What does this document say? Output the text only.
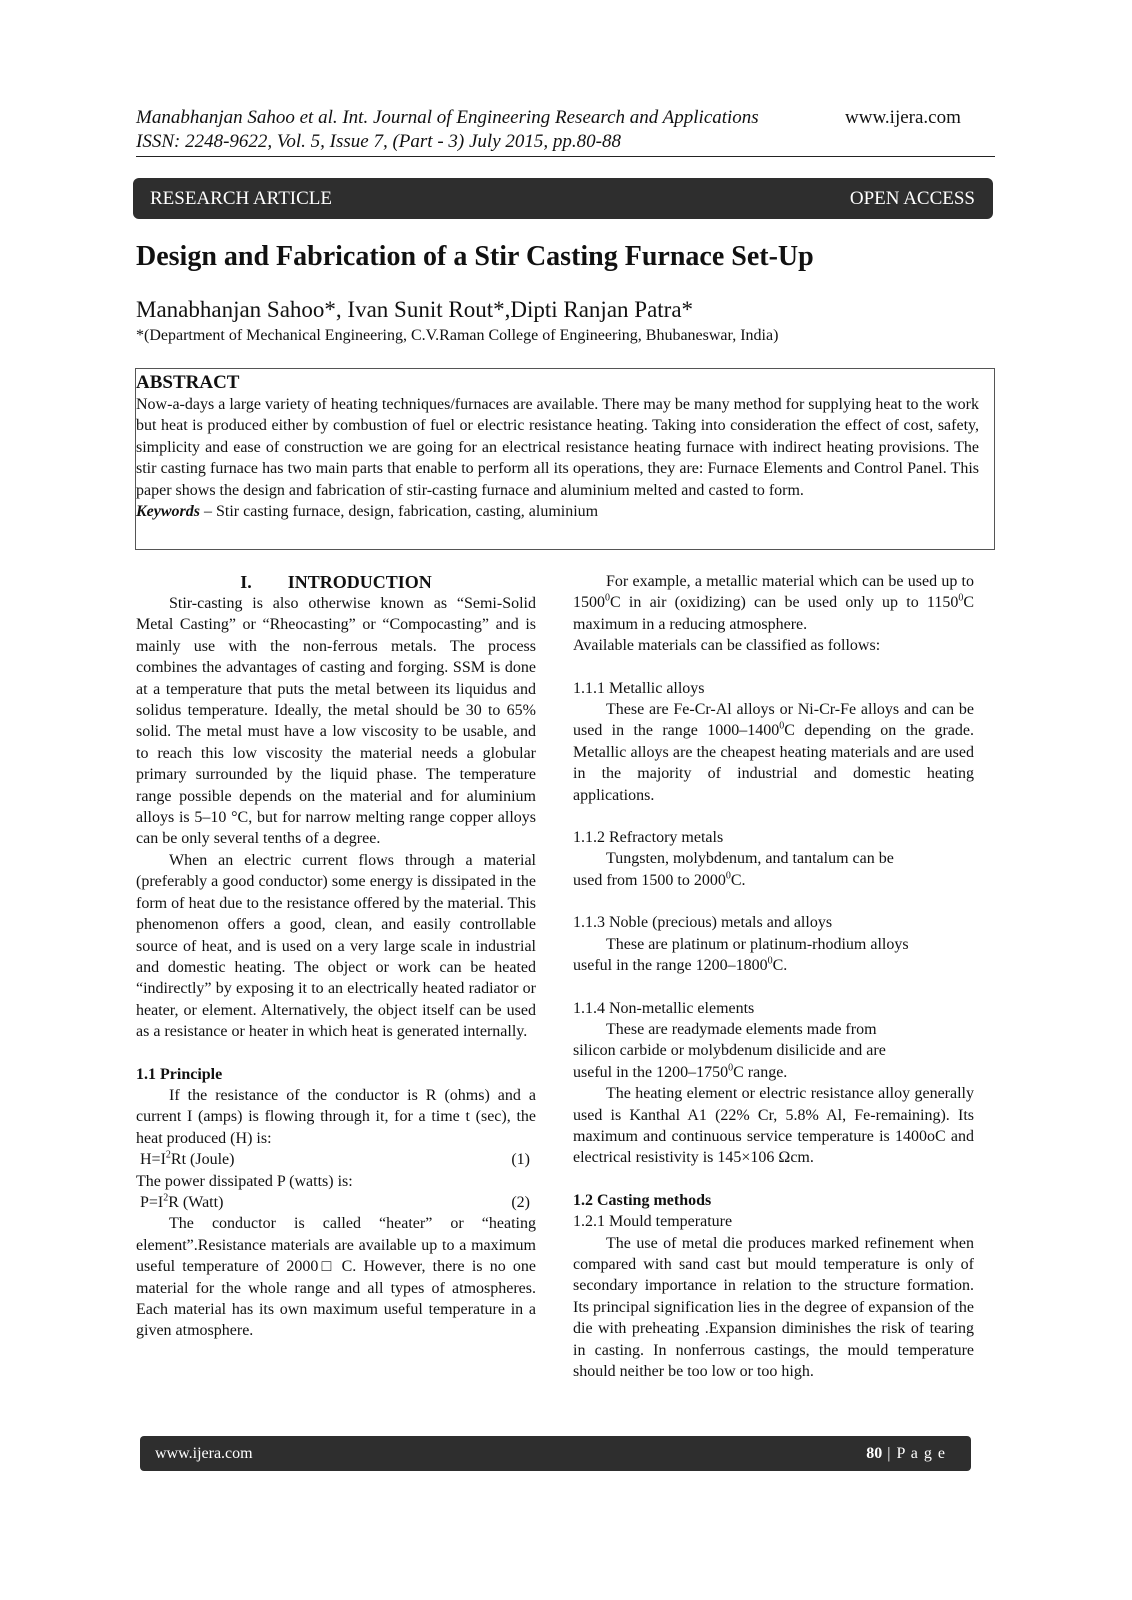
Manabhanjan Sahoo et al. Int. Journal of Engineering Research and Applications	www.ijera.com
ISSN: 2248-9622, Vol. 5, Issue 7, (Part - 3) July 2015, pp.80-88
RESEARCH ARTICLE	OPEN ACCESS
Design and Fabrication of a Stir Casting Furnace Set-Up
Manabhanjan Sahoo*, Ivan Sunit Rout*,Dipti Ranjan Patra*
*(Department of Mechanical Engineering, C.V.Raman College of Engineering, Bhubaneswar, India)
ABSTRACT
Now-a-days a large variety of heating techniques/furnaces are available. There may be many method for supplying heat to the work but heat is produced either by combustion of fuel or electric resistance heating. Taking into consideration the effect of cost, safety, simplicity and ease of construction we are going for an electrical resistance heating furnace with indirect heating provisions. The stir casting furnace has two main parts that enable to perform all its operations, they are: Furnace Elements and Control Panel. This paper shows the design and fabrication of stir-casting furnace and aluminium melted and casted to form.
Keywords – Stir casting furnace, design, fabrication, casting, aluminium
I. INTRODUCTION

Stir-casting is also otherwise known as “Semi-Solid Metal Casting” or “Rheocasting” or “Compocasting” and is mainly use with the non-ferrous metals. The process combines the advantages of casting and forging. SSM is done at a temperature that puts the metal between its liquidus and solidus temperature. Ideally, the metal should be 30 to 65% solid. The metal must have a low viscosity to be usable, and to reach this low viscosity the material needs a globular primary surrounded by the liquid phase. The temperature range possible depends on the material and for aluminium alloys is 5–10 °C, but for narrow melting range copper alloys can be only several tenths of a degree.

When an electric current flows through a material (preferably a good conductor) some energy is dissipated in the form of heat due to the resistance offered by the material. This phenomenon offers a good, clean, and easily controllable source of heat, and is used on a very large scale in industrial and domestic heating. The object or work can be heated “indirectly” by exposing it to an electrically heated radiator or heater, or element. Alternatively, the object itself can be used as a resistance or heater in which heat is generated internally.

1.1 Principle

If the resistance of the conductor is R (ohms) and a current I (amps) is flowing through it, for a time t (sec), the heat produced (H) is:

$H=I^2Rt$ (Joule)	(1)

The power dissipated P (watts) is:

$P=I^2R$ (Watt)	(2)

The conductor is called “heater” or “heating element”.Resistance materials are available up to a maximum useful temperature of 2000□ C. However, there is no one material for the whole range and all types of atmospheres. Each material has its own maximum useful temperature in a given atmosphere.

For example, a metallic material which can be used up to 1500$^0$C in air (oxidizing) can be used only up to 1150$^0$C maximum in a reducing atmosphere.

Available materials can be classified as follows:

1.1.1 Metallic alloys

These are Fe-Cr-Al alloys or Ni-Cr-Fe alloys and can be used in the range 1000–1400$^0$C depending on the grade. Metallic alloys are the cheapest heating materials and are used in the majority of industrial and domestic heating applications.

1.1.2 Refractory metals

Tungsten, molybdenum, and tantalum can be

used from 1500 to 2000$^0$C.

1.1.3 Noble (precious) metals and alloys

These are platinum or platinum-rhodium alloys

useful in the range 1200–1800$^0$C.

1.1.4 Non-metallic elements

These are readymade elements made from

silicon carbide or molybdenum disilicide and are

useful in the 1200–1750$^0$C range.

The heating element or electric resistance alloy generally used is Kanthal A1 (22% Cr, 5.8% Al, Fe-remaining). Its maximum and continuous service temperature is 1400oC and electrical resistivity is 145×106 Ωcm.

1.2 Casting methods

1.2.1 Mould temperature

The use of metal die produces marked refinement when compared with sand cast but mould temperature is only of secondary importance in relation to the structure formation. Its principal signification lies in the degree of expansion of the die with preheating .Expansion diminishes the risk of tearing in casting. In nonferrous castings, the mould temperature should neither be too low or too high.

www.ijera.com	80 | P a g e
